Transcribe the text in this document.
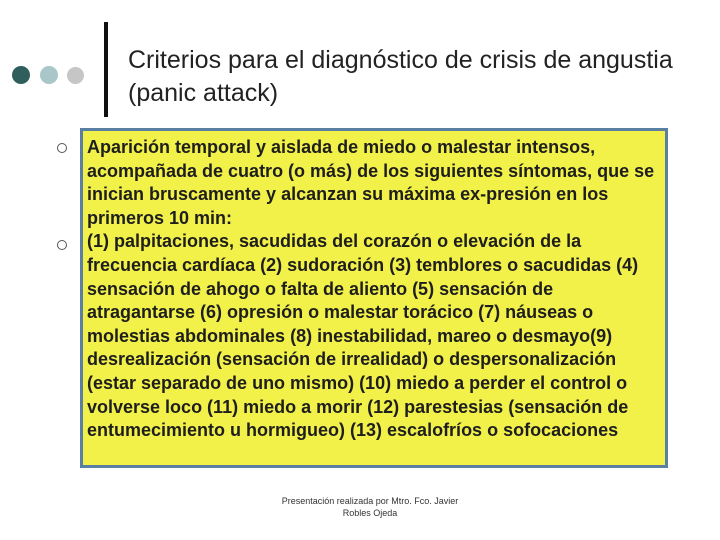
Criterios para el diagnóstico de crisis de angustia (panic attack)

Aparición temporal y aislada de miedo o malestar intensos, acompañada de cuatro (o más) de los siguientes síntomas, que se inician bruscamente y alcanzan su máxima ex-presión en los primeros 10 min:

(1) palpitaciones, sacudidas del corazón o elevación de la frecuencia cardíaca (2) sudoración (3) temblores o sacudidas (4) sensación de ahogo o falta de aliento (5) sensación de atragantarse (6) opresión o malestar torácico (7) náuseas o molestias abdominales (8) inestabilidad, mareo o desmayo(9) desrealización (sensación de irrealidad) o despersonalización (estar separado de uno mismo) (10) miedo a perder el control o volverse loco (11) miedo a morir (12) parestesias (sensación de entumecimiento u hormigueo) (13) escalofríos o sofocaciones

Presentación realizada por Mtro. Fco. Javier
Robles Ojeda
